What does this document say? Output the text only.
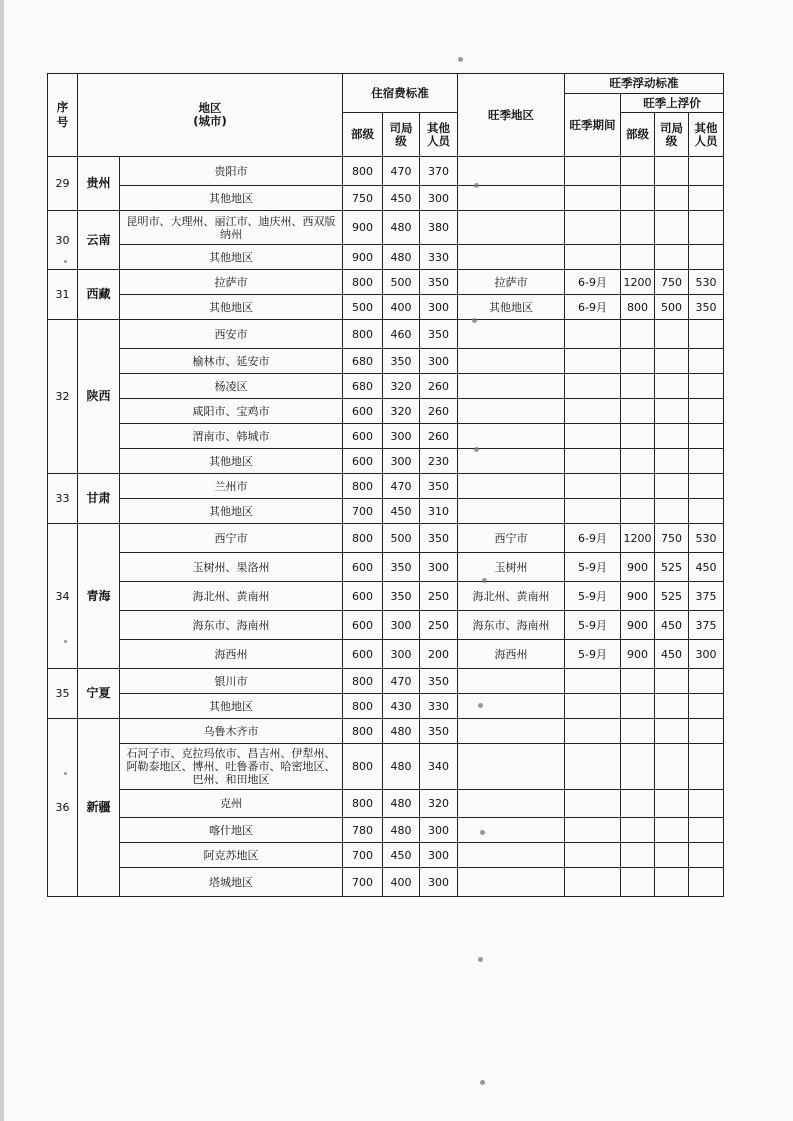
序号	地区
(城市)		住宿费标准			旺季地区	旺季浮动标准			
							旺季期间	旺季上浮价		
			部级	司局级	其他人员			部级	司局级	其他人员
29	贵州	贵阳市	800	470	370					
		其他地区	750	450	300					
30	云南	昆明市、大理州、丽江市、迪庆州、西双版纳州	900	480	380					
		其他地区	900	480	330					
31	西藏	拉萨市	800	500	350	拉萨市	6-9月	1200	750	530
		其他地区	500	400	300	其他地区	6-9月	800	500	350
32	陕西	西安市	800	460	350					
		榆林市、延安市	680	350	300					
		杨凌区	680	320	260					
		咸阳市、宝鸡市	600	320	260					
		渭南市、韩城市	600	300	260					
		其他地区	600	300	230					
33	甘肃	兰州市	800	470	350					
		其他地区	700	450	310					
34	青海	西宁市	800	500	350	西宁市	6-9月	1200	750	530
		玉树州、果洛州	600	350	300	玉树州	5-9月	900	525	450
		海北州、黄南州	600	350	250	海北州、黄南州	5-9月	900	525	375
		海东市、海南州	600	300	250	海东市、海南州	5-9月	900	450	375
		海西州	600	300	200	海西州	5-9月	900	450	300
35	宁夏	银川市	800	470	350					
		其他地区	800	430	330					
36	新疆	乌鲁木齐市	800	480	350					
		石河子市、克拉玛依市、昌吉州、伊犁州、阿勒泰地区、博州、吐鲁番市、哈密地区、巴州、和田地区	800	480	340					
		克州	800	480	320					
		喀什地区	780	480	300					
		阿克苏地区	700	450	300					
		塔城地区	700	400	300					
